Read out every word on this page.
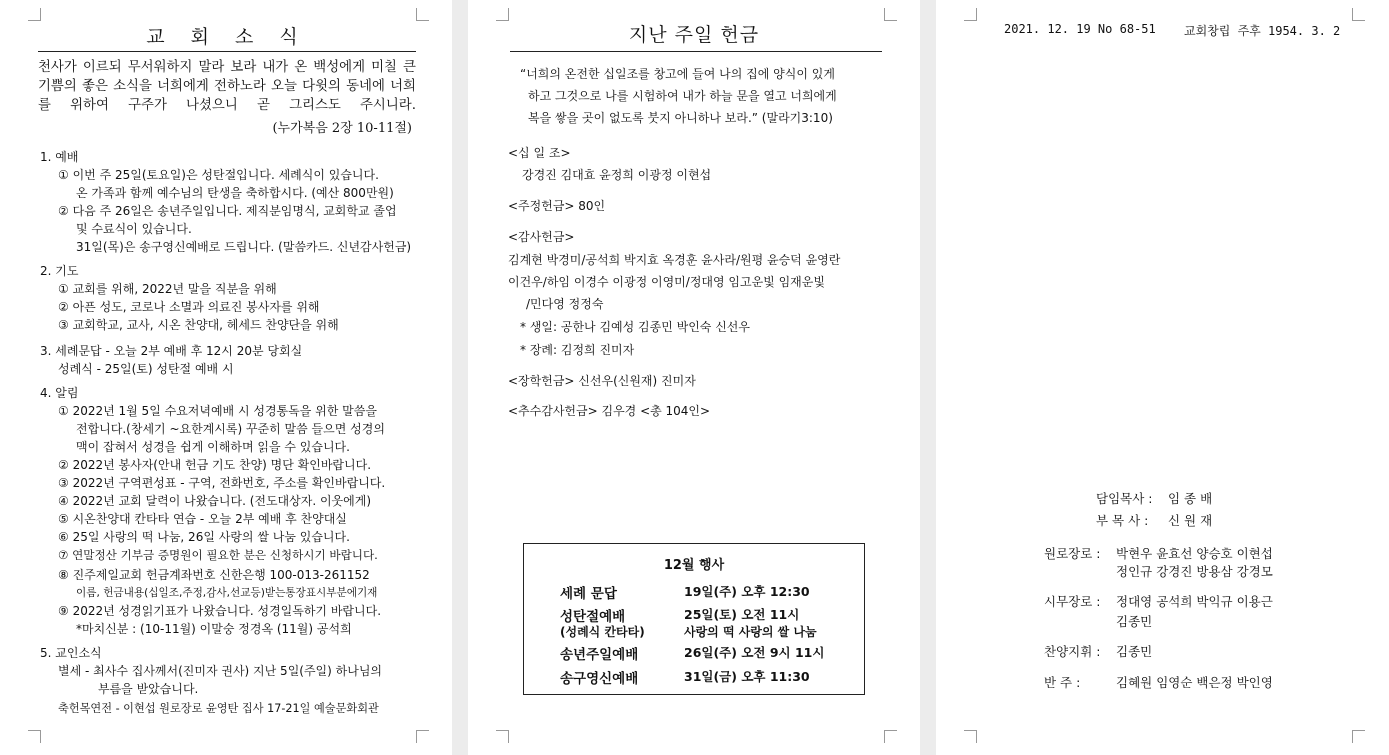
교 회 소 식
천사가 이르되 무서워하지 말라 보라 내가 온 백성에게 미칠 큰 기쁨의 좋은 소식을 너희에게 전하노라 오늘 다윗의 동네에 너희를 위하여 구주가 나셨으니 곧 그리스도 주시니라.
(누가복음 2장 10-11절)
1. 예배
① 이번 주 25일(토요일)은 성탄절입니다. 세례식이 있습니다.
온 가족과 함께 예수님의 탄생을 축하합시다. (예산 800만원)
② 다음 주 26일은 송년주일입니다. 제직분임명식, 교회학교 졸업
및 수료식이 있습니다.
31일(목)은 송구영신예배로 드립니다. (말씀카드. 신년감사헌금)
2. 기도
① 교회를 위해, 2022년 말을 직분을 위해
② 아픈 성도, 코로나 소멸과 의료진 봉사자를 위해
③ 교회학교, 교사, 시온 찬양대, 헤세드 찬양단을 위해
3. 세례문답 - 오늘 2부 예배 후 12시 20분 당회실
성례식 - 25일(토) 성탄절 예배 시
4. 알림
① 2022년 1월 5일 수요저녁예배 시 성경통독을 위한 말씀을
전합니다.(창세기 ~요한계시록) 꾸준히 말씀 들으면 성경의
맥이 잡혀서 성경을 쉽게 이해하며 읽을 수 있습니다.
② 2022년 봉사자(안내 헌금 기도 찬양) 명단 확인바랍니다.
③ 2022년 구역편성표 - 구역, 전화번호, 주소를 확인바랍니다.
④ 2022년 교회 달력이 나왔습니다. (전도대상자. 이웃에게)
⑤ 시온찬양대 칸타타 연습 - 오늘 2부 예배 후 찬양대실
⑥ 25일 사랑의 떡 나눔, 26일 사랑의 쌀 나눔 있습니다.
⑦ 연말정산 기부금 증명원이 필요한 분은 신청하시기 바랍니다.
⑧ 진주제일교회 헌금계좌번호 신한은행 100-013-261152
이름, 헌금내용(십일조,주정,감사,선교등)받는통장표시부분에기재
⑨ 2022년 성경읽기표가 나왔습니다. 성경일독하기 바랍니다.
*마치신분 : (10-11월) 이말숭 정경옥 (11월) 공석희
5. 교인소식
별세 - 최사수 집사께서(진미자 권사) 지난 5일(주일) 하나님의
부름을 받았습니다.
축헌목연전 - 이현섭 원로장로 윤영탄 집사 17-21일 예술문화회관
지난 주일 헌금
“너희의 온전한 십일조를 창고에 들여 나의 집에 양식이 있게
하고 그것으로 나를 시험하여 내가 하늘 문을 열고 너희에게
복을 쌓을 곳이 없도록 붓지 아니하나 보라.” (말라기3:10)
<십 일 조>
강경진 김대효 윤정희 이광정 이현섭
<주정헌금> 80인
<감사헌금>
김계현 박경미/공석희 박지효 옥경훈 윤사라/원평 윤승덕 윤영란
이건우/하임 이경수 이광정 이영미/정대영 임고운빛 임재운빛
/민다영 정정숙
* 생일: 공한나 김예성 김종민 박인숙 신선우
* 장례: 김정희 진미자
<장학헌금> 신선우(신원재) 진미자
<추수감사헌금> 김우경 <총 104인>
12월 행사
세례 문답	19일(주) 오후 12:30
성탄절예배	25일(토) 오전 11시
(성례식 칸타타)	사랑의 떡 사랑의 쌀 나눔
송년주일예배	26일(주) 오전 9시 11시
송구영신예배	31일(금) 오후 11:30
2021. 12. 19 No 68-51 교회창립 주후 1954. 3. 2
담임목사 : 임 종 배
부 목 사 : 신 원 재
원로장로 : 박현우 윤효선 양승호 이현섭
정인규 강경진 방용삼 강경모
시무장로 : 정대영 공석희 박익규 이용근
김종민
찬양지휘 : 김종민
반 주 :	김혜원 임영순 백은정 박인영
